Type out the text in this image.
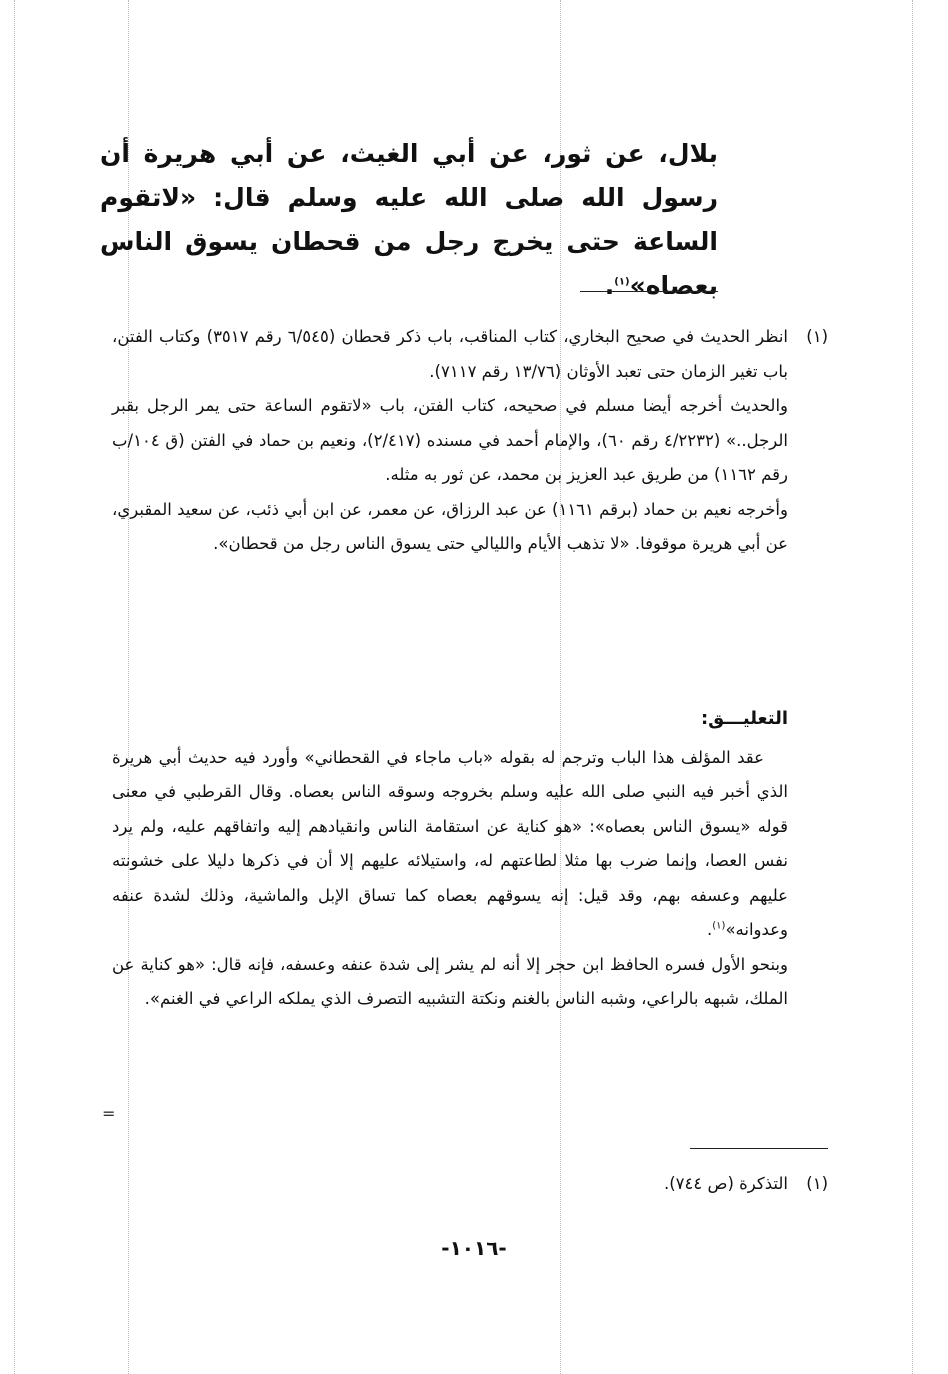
بلال، عن ثور، عن أبي الغيث، عن أبي هريرة أن رسول الله صلى الله عليه وسلم قال: «لاتقوم الساعة حتى يخرج رجل من قحطان يسوق الناس بعصاه»$^{(١)}$.
(١)

انظر الحديث في صحيح البخاري، كتاب المناقب، باب ذكر قحطان (٦/٥٤٥ رقم ٣٥١٧) وكتاب الفتن، باب تغير الزمان حتى تعبد الأوثان (١٣/٧٦ رقم ٧١١٧).

والحديث أخرجه أيضا مسلم في صحيحه، كتاب الفتن، باب «لاتقوم الساعة حتى يمر الرجل بقبر الرجل..» (٤/٢٢٣٢ رقم ٦٠)، والإمام أحمد في مسنده (٢/٤١٧)، ونعيم بن حماد في الفتن (ق ١٠٤/ب رقم ١١٦٢) من طريق عبد العزيز بن محمد، عن ثور به مثله.

وأخرجه نعيم بن حماد (برقم ١١٦١) عن عبد الرزاق، عن معمر، عن ابن أبي ذئب، عن سعيد المقبري، عن أبي هريرة موقوفا. «لا تذهب الأيام والليالي حتى يسوق الناس رجل من قحطان».

التعليـــق:

عقد المؤلف هذا الباب وترجم له بقوله «باب ماجاء في القحطاني» وأورد فيه حديث أبي هريرة الذي أخبر فيه النبي صلى الله عليه وسلم بخروجه وسوقه الناس بعصاه. وقال القرطبي في معنى قوله «يسوق الناس بعصاه»: «هو كناية عن استقامة الناس وانقيادهم إليه واتفاقهم عليه، ولم يرد نفس العصا، وإنما ضرب بها مثلا لطاعتهم له، واستيلائه عليهم إلا أن في ذكرها دليلا على خشونته عليهم وعسفه بهم، وقد قيل: إنه يسوقهم بعصاه كما تساق الإبل والماشية، وذلك لشدة عنفه وعدوانه»$^{(١)}$.

وبنحو الأول فسره الحافظ ابن حجر إلا أنه لم يشر إلى شدة عنفه وعسفه، فإنه قال: «هو كناية عن الملك، شبهه بالراعي، وشبه الناس بالغنم ونكتة التشبيه التصرف الذي يملكه الراعي في الغنم».

=
(١)
التذكرة (ص ٧٤٤).
-١٠١٦-
